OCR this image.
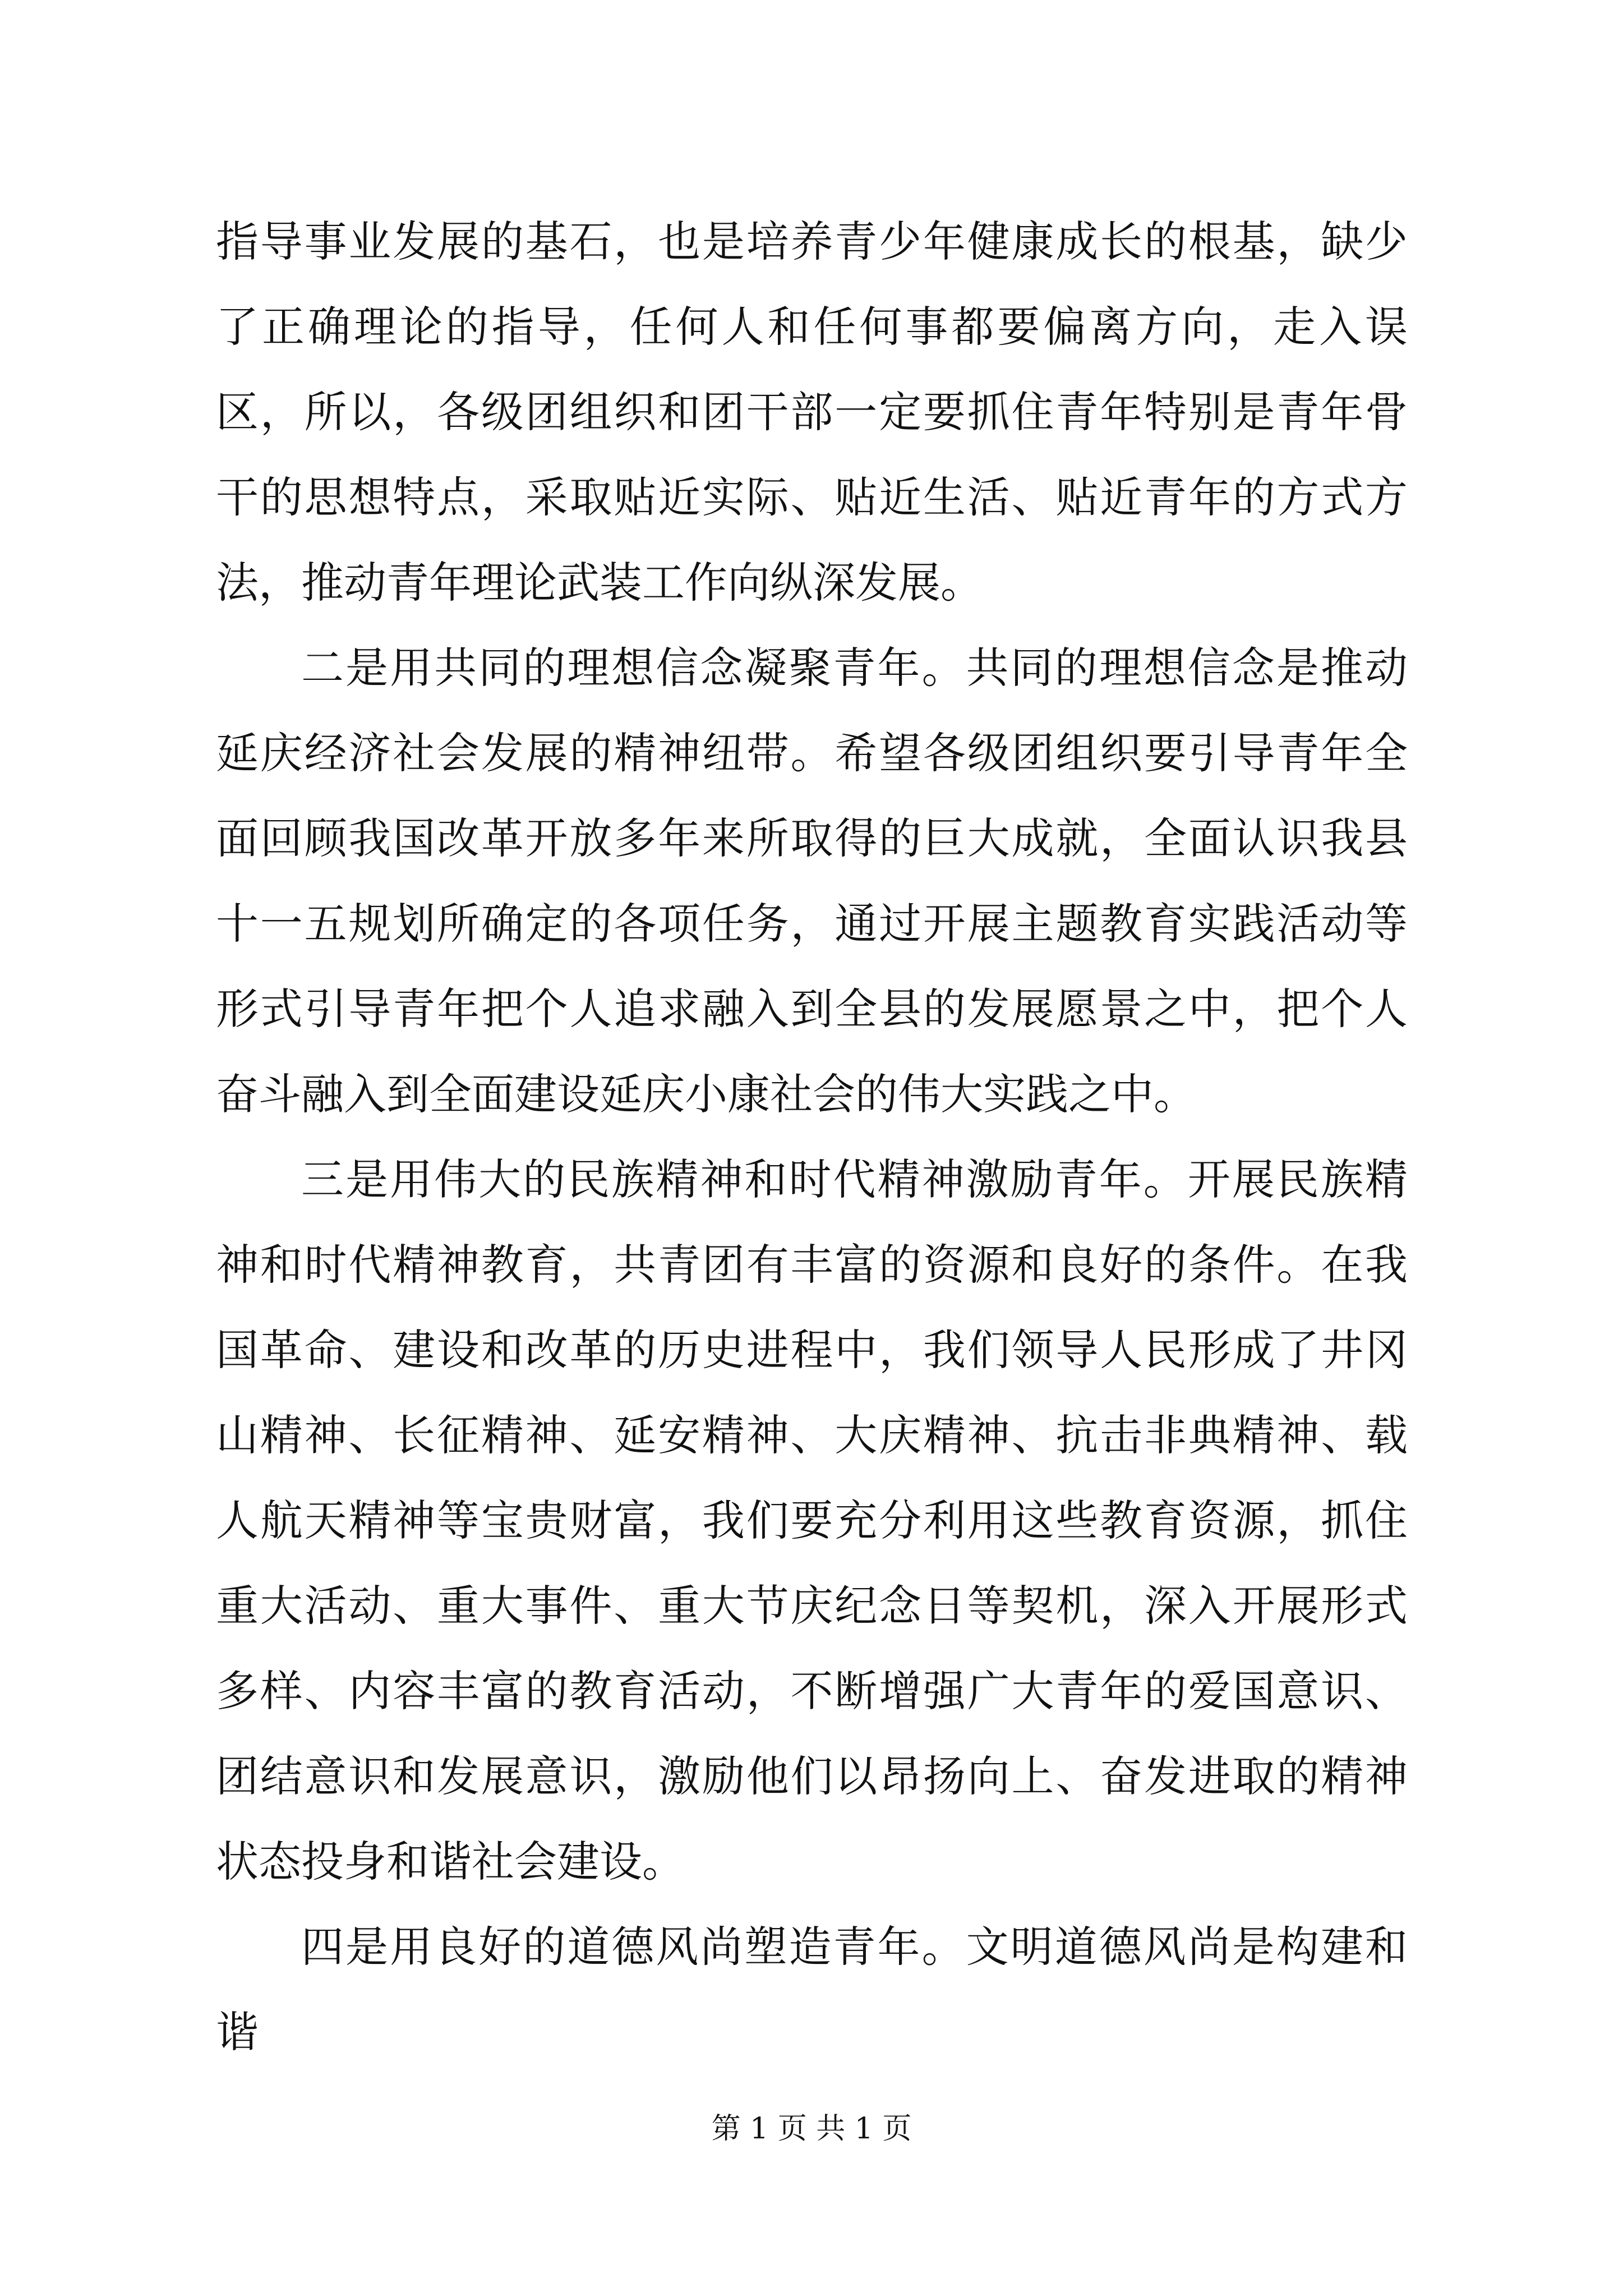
指导事业发展的基石，也是培养青少年健康成长的根基，缺少了正确理论的指导，任何人和任何事都要偏离方向，走入误区，所以，各级团组织和团干部一定要抓住青年特别是青年骨干的思想特点，采取贴近实际、贴近生活、贴近青年的方式方法，推动青年理论武装工作向纵深发展。

二是用共同的理想信念凝聚青年。共同的理想信念是推动延庆经济社会发展的精神纽带。希望各级团组织要引导青年全面回顾我国改革开放多年来所取得的巨大成就，全面认识我县十一五规划所确定的各项任务，通过开展主题教育实践活动等形式引导青年把个人追求融入到全县的发展愿景之中，把个人奋斗融入到全面建设延庆小康社会的伟大实践之中。

三是用伟大的民族精神和时代精神激励青年。开展民族精神和时代精神教育，共青团有丰富的资源和良好的条件。在我国革命、建设和改革的历史进程中，我们领导人民形成了井冈山精神、长征精神、延安精神、大庆精神、抗击非典精神、载人航天精神等宝贵财富，我们要充分利用这些教育资源，抓住重大活动、重大事件、重大节庆纪念日等契机，深入开展形式多样、内容丰富的教育活动，不断增强广大青年的爱国意识、团结意识和发展意识，激励他们以昂扬向上、奋发进取的精神状态投身和谐社会建设。

四是用良好的道德风尚塑造青年。文明道德风尚是构建和谐

第 1 页 共 1 页
